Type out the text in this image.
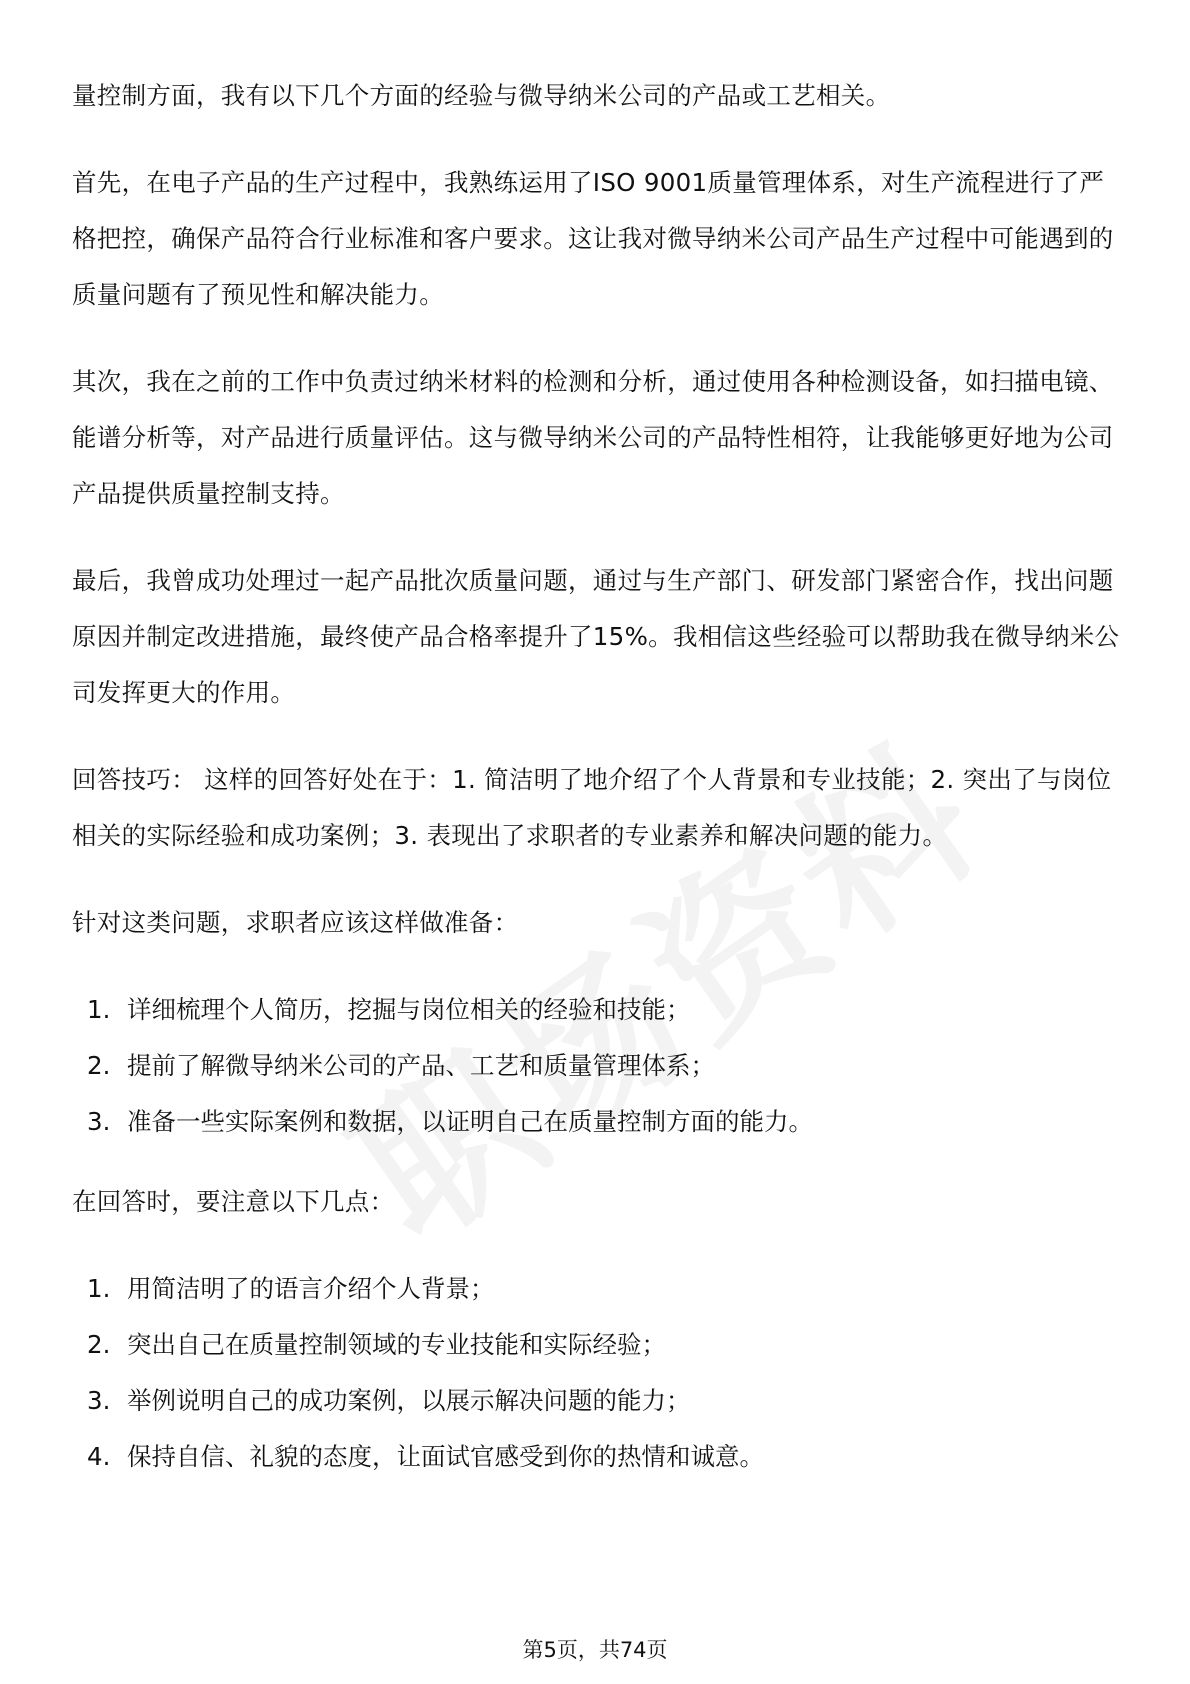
量控制方面，我有以下几个方面的经验与微导纳米公司的产品或工艺相关。

首先，在电子产品的生产过程中，我熟练运用了ISO 9001质量管理体系，对生产流程进行了严格把控，确保产品符合行业标准和客户要求。这让我对微导纳米公司产品生产过程中可能遇到的质量问题有了预见性和解决能力。

其次，我在之前的工作中负责过纳米材料的检测和分析，通过使用各种检测设备，如扫描电镜、能谱分析等，对产品进行质量评估。这与微导纳米公司的产品特性相符，让我能够更好地为公司产品提供质量控制支持。

最后，我曾成功处理过一起产品批次质量问题，通过与生产部门、研发部门紧密合作，找出问题原因并制定改进措施，最终使产品合格率提升了15%。我相信这些经验可以帮助我在微导纳米公司发挥更大的作用。

回答技巧： 这样的回答好处在于：1. 简洁明了地介绍了个人背景和专业技能；2. 突出了与岗位相关的实际经验和成功案例；3. 表现出了求职者的专业素养和解决问题的能力。

针对这类问题，求职者应该这样做准备：

1. 详细梳理个人简历，挖掘与岗位相关的经验和技能；
2. 提前了解微导纳米公司的产品、工艺和质量管理体系；
3. 准备一些实际案例和数据，以证明自己在质量控制方面的能力。

在回答时，要注意以下几点：

1. 用简洁明了的语言介绍个人背景；
2. 突出自己在质量控制领域的专业技能和实际经验；
3. 举例说明自己的成功案例，以展示解决问题的能力；
4. 保持自信、礼貌的态度，让面试官感受到你的热情和诚意。
第5页，共74页
